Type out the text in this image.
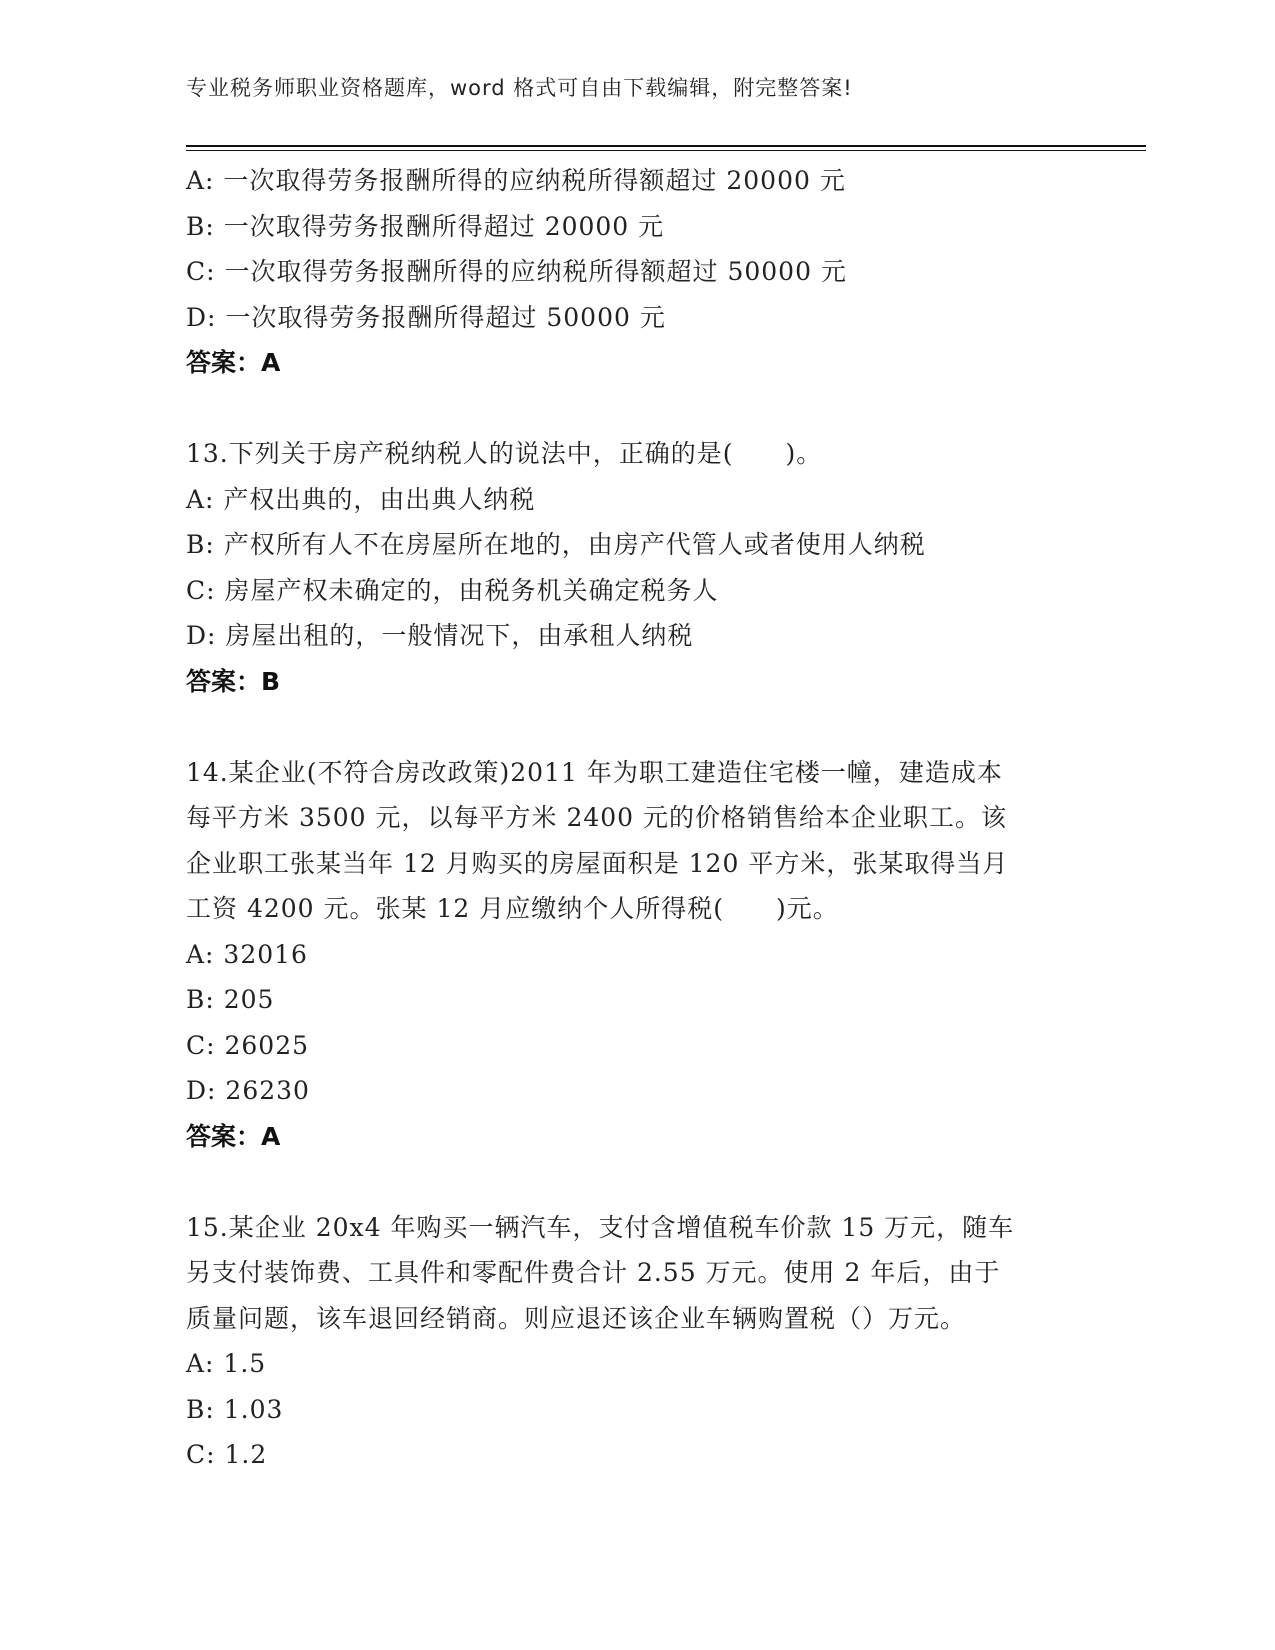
专业税务师职业资格题库，word 格式可自由下载编辑，附完整答案!
A: 一次取得劳务报酬所得的应纳税所得额超过 20000 元
B: 一次取得劳务报酬所得超过 20000 元
C: 一次取得劳务报酬所得的应纳税所得额超过 50000 元
D: 一次取得劳务报酬所得超过 50000 元
答案：A
13.下列关于房产税纳税人的说法中，正确的是(　　)。
A: 产权出典的，由出典人纳税
B: 产权所有人不在房屋所在地的，由房产代管人或者使用人纳税
C: 房屋产权未确定的，由税务机关确定税务人
D: 房屋出租的，一般情况下，由承租人纳税
答案：B
14.某企业(不符合房改政策)2011 年为职工建造住宅楼一幢，建造成本
每平方米 3500 元，以每平方米 2400 元的价格销售给本企业职工。该
企业职工张某当年 12 月购买的房屋面积是 120 平方米，张某取得当月
工资 4200 元。张某 12 月应缴纳个人所得税(　　)元。
A: 32016
B: 205
C: 26025
D: 26230
答案：A
15.某企业 20x4 年购买一辆汽车，支付含增值税车价款 15 万元，随车
另支付装饰费、工具件和零配件费合计 2.55 万元。使用 2 年后，由于
质量问题，该车退回经销商。则应退还该企业车辆购置税（）万元。
A: 1.5
B: 1.03
C: 1.2
